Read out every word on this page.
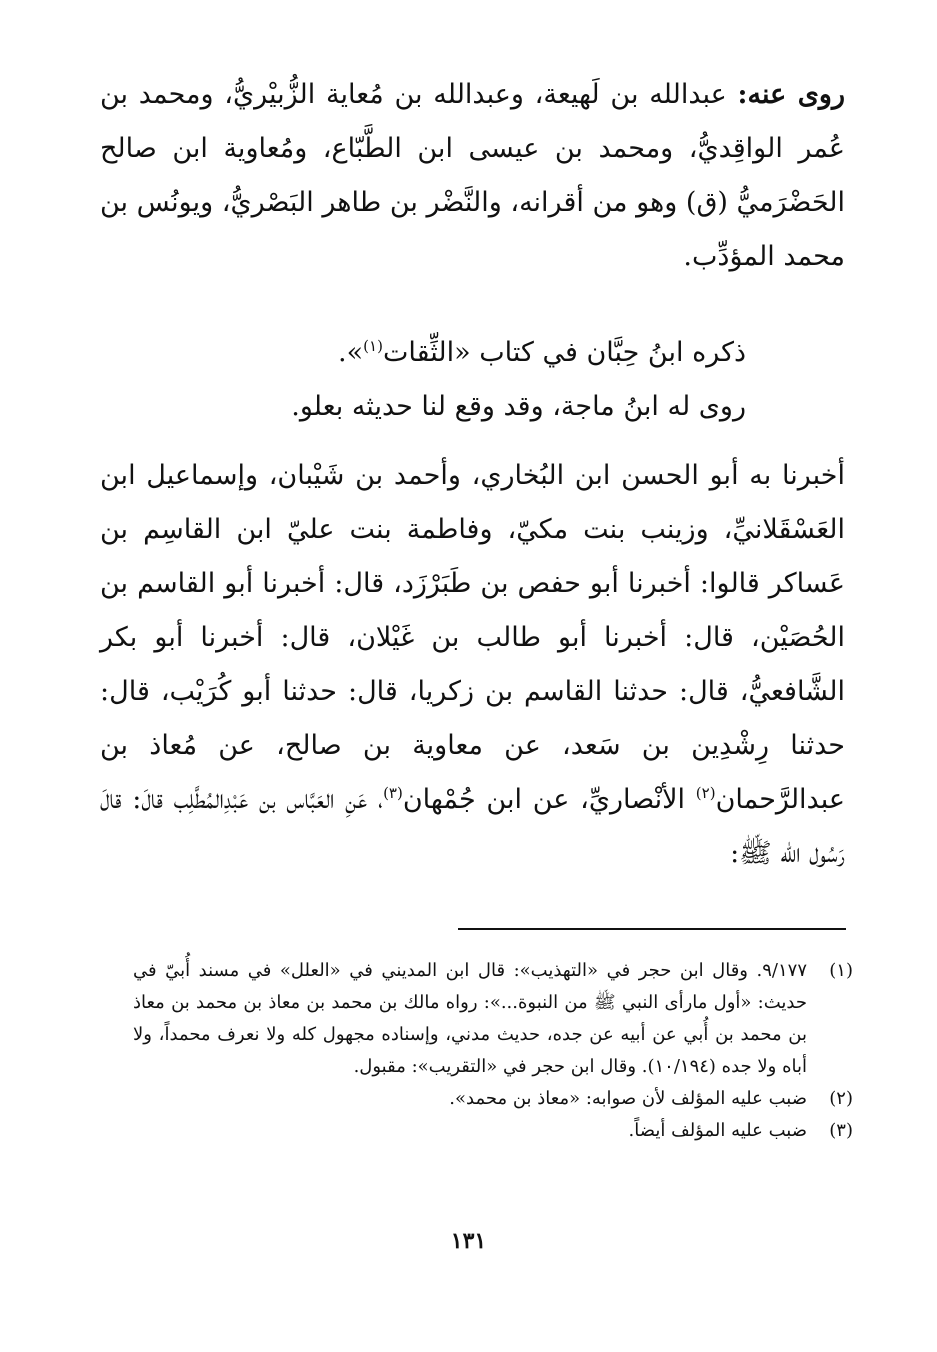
روى عنه: عبدالله بن لَهيعة، وعبدالله بن مُعاية الزُّبيْريُّ، ومحمد بن عُمر الواقِديُّ، ومحمد بن عيسى ابن الطَّبّاع، ومُعاوية ابن صالح الحَضْرَميُّ (ق) وهو من أقرانه، والنَّضْر بن طاهر البَصْريُّ، ويونُس بن محمد المؤدِّب.
ذكره ابنُ حِبَّان في كتاب «الثِّقات$^{(١)}$».
روى له ابنُ ماجة، وقد وقع لنا حديثه بعلو.
أخبرنا به أبو الحسن ابن البُخاري، وأحمد بن شَيْبان، وإسماعيل ابن العَسْقَلانيِّ، وزينب بنت مكيّ، وفاطمة بنت عليّ ابن القاسِم بن عَساكر قالوا: أخبرنا أبو حفص بن طَبَرْزَد، قال: أخبرنا أبو القاسم بن الحُصَيْن، قال: أخبرنا أبو طالب بن غَيْلان، قال: أخبرنا أبو بكر الشَّافعيُّ، قال: حدثنا القاسم بن زكريا، قال: حدثنا أبو كُرَيْب، قال: حدثنا رِشْدِين بن سَعد، عن معاوية بن صالح، عن مُعاذ بن عبدالرَّحمان$^{(٢)}$ الأنْصاريِّ، عن ابن جُمْهان$^{(٣)}$، عَنِ العَبَّاس بن عَبْدِالمُطَّلِب قالَ: قالَ رَسُول الله ﷺ:
(١)
٩/١٧٧. وقال ابن حجر في «التهذيب»: قال ابن المديني في «العلل» في مسند أُبيّ في حديث: «أول مارأى النبي ﷺ من النبوة...»: رواه مالك بن محمد بن معاذ بن محمد بن معاذ بن محمد بن أُبي عن أبيه عن جده، حديث مدني، وإسناده مجهول كله ولا نعرف محمداً، ولا أباه ولا جده (١٠/١٩٤). وقال ابن حجر في «التقريب»: مقبول.
(٢)
ضبب عليه المؤلف لأن صوابه: «معاذ بن محمد».
(٣)
ضبب عليه المؤلف أيضاً.
١٣١
